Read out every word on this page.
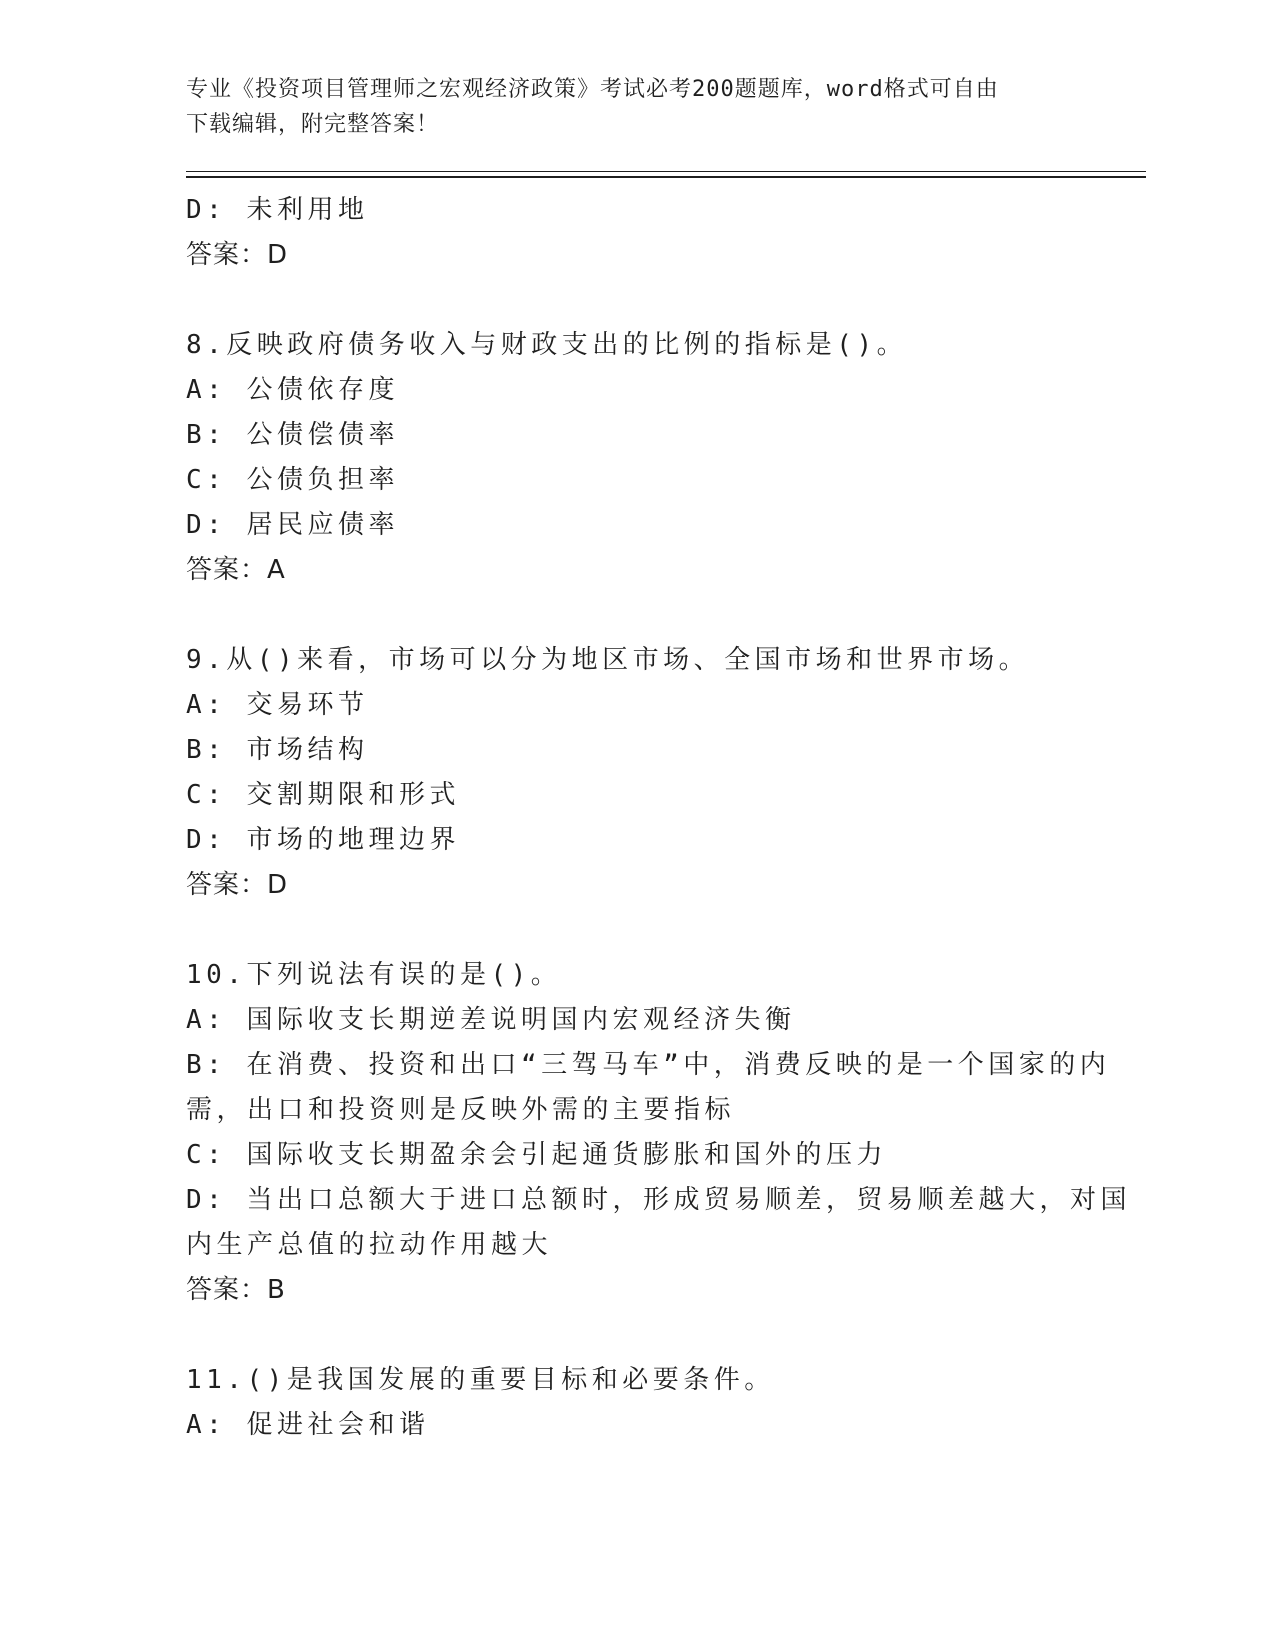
专业《投资项目管理师之宏观经济政策》考试必考200题题库，word格式可自由
下载编辑，附完整答案！
D: 未利用地
答案：D
8.反映政府债务收入与财政支出的比例的指标是()。
A: 公债依存度
B: 公债偿债率
C: 公债负担率
D: 居民应债率
答案：A
9.从()来看，市场可以分为地区市场、全国市场和世界市场。
A: 交易环节
B: 市场结构
C: 交割期限和形式
D: 市场的地理边界
答案：D
10.下列说法有误的是()。
A: 国际收支长期逆差说明国内宏观经济失衡
B: 在消费、投资和出口“三驾马车”中，消费反映的是一个国家的内
需，出口和投资则是反映外需的主要指标
C: 国际收支长期盈余会引起通货膨胀和国外的压力
D: 当出口总额大于进口总额时，形成贸易顺差，贸易顺差越大，对国
内生产总值的拉动作用越大
答案：B
11.()是我国发展的重要目标和必要条件。
A: 促进社会和谐
